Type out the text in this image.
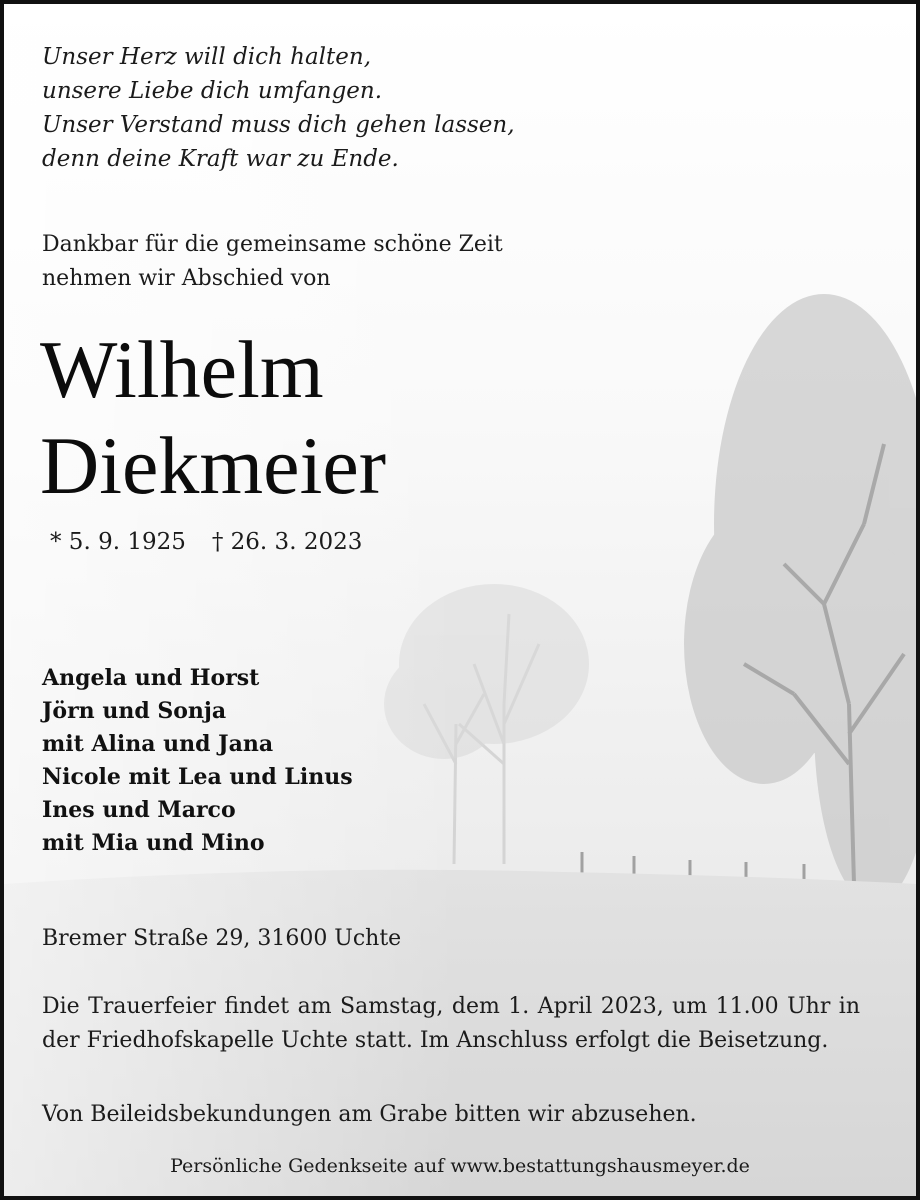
Unser Herz will dich halten,
unsere Liebe dich umfangen.
Unser Verstand muss dich gehen lassen,
denn deine Kraft war zu Ende.
Dankbar für die gemeinsame schöne Zeit
nehmen wir Abschied von
Wilhelm
Diekmeier
* 5. 9. 1925 † 26. 3. 2023
Angela und Horst
Jörn und Sonja
mit Alina und Jana
Nicole mit Lea und Linus
Ines und Marco
mit Mia und Mino
Bremer Straße 29, 31600 Uchte
Die Trauerfeier findet am Samstag, dem 1. April 2023, um 11.00 Uhr in der Friedhofskapelle Uchte statt. Im Anschluss erfolgt die Beisetzung.
Von Beileidsbekundungen am Grabe bitten wir abzusehen.
Persönliche Gedenkseite auf www.bestattungshausmeyer.de
